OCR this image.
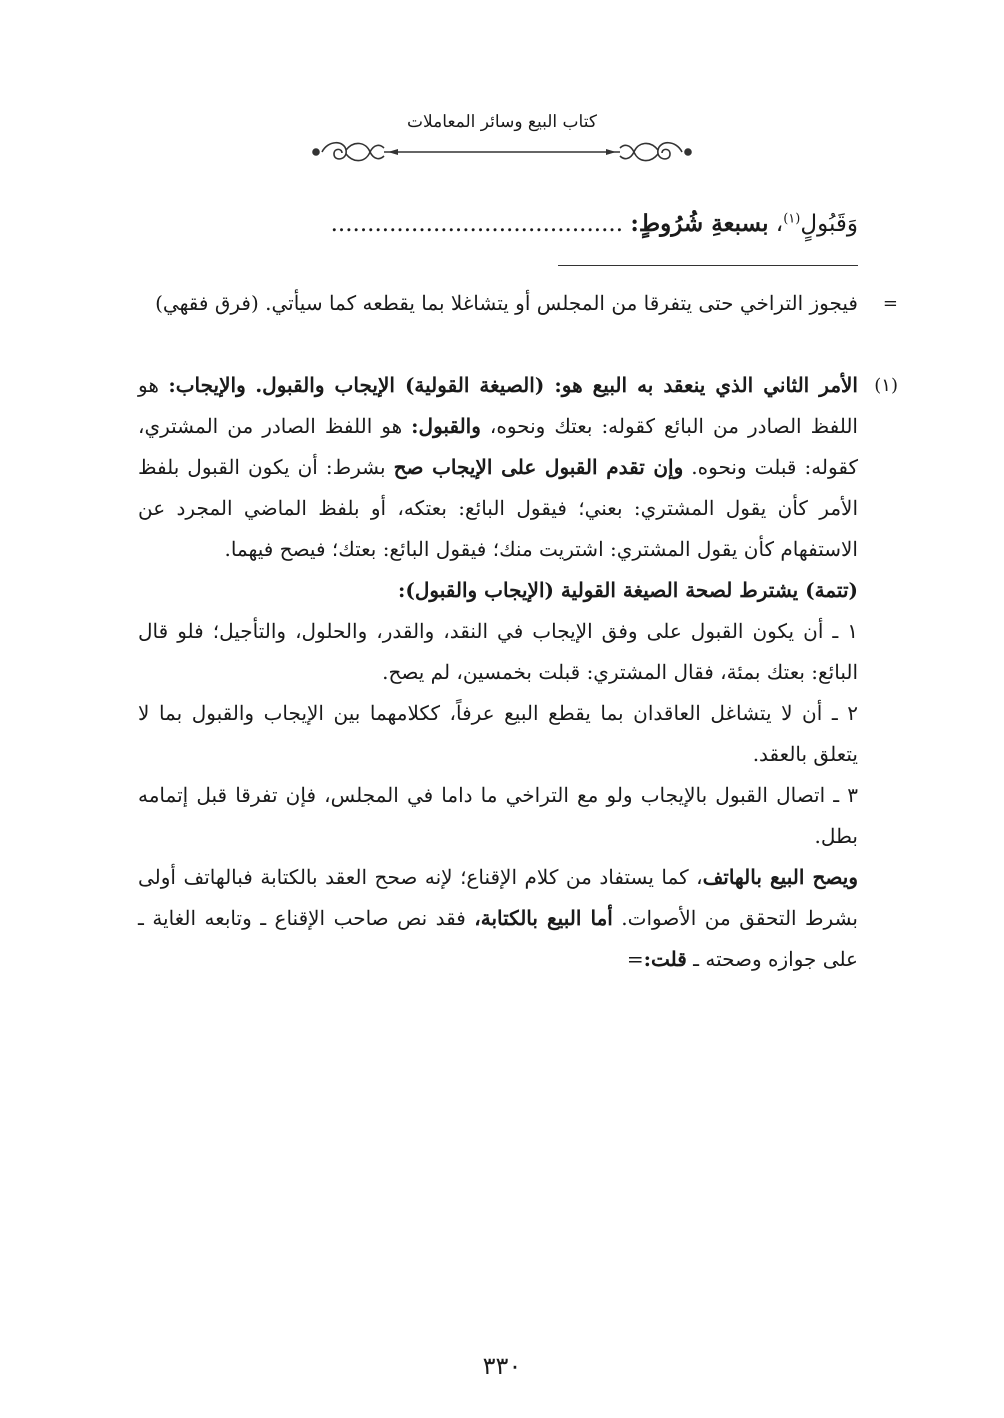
كتاب البيع وسائر المعاملات
وَقَبُولٍ$^{(١)}$، بسبعةِ شُرُوطٍ: ........................................
=
فيجوز التراخي حتى يتفرقا من المجلس أو يتشاغلا بما يقطعه كما سيأتي. (فرق فقهي)
(١)
الأمر الثاني الذي ينعقد به البيع هو: (الصيغة القولية) الإيجاب والقبول. والإيجاب: هو اللفظ الصادر من البائع كقوله: بعتك ونحوه، والقبول: هو اللفظ الصادر من المشتري، كقوله: قبلت ونحوه. وإن تقدم القبول على الإيجاب صح بشرط: أن يكون القبول بلفظ الأمر كأن يقول المشتري: بعني؛ فيقول البائع: بعتكه، أو بلفظ الماضي المجرد عن الاستفهام كأن يقول المشتري: اشتريت منك؛ فيقول البائع: بعتك؛ فيصح فيهما.
(تتمة) يشترط لصحة الصيغة القولية (الإيجاب والقبول):
١ ـ أن يكون القبول على وفق الإيجاب في النقد، والقدر، والحلول، والتأجيل؛ فلو قال البائع: بعتك بمئة، فقال المشتري: قبلت بخمسين، لم يصح.
٢ ـ أن لا يتشاغل العاقدان بما يقطع البيع عرفاً، ككلامهما بين الإيجاب والقبول بما لا يتعلق بالعقد.
٣ ـ اتصال القبول بالإيجاب ولو مع التراخي ما داما في المجلس، فإن تفرقا قبل إتمامه بطل.
ويصح البيع بالهاتف، كما يستفاد من كلام الإقناع؛ لإنه صحح العقد بالكتابة فبالهاتف أولى بشرط التحقق من الأصوات. أما البيع بالكتابة، فقد نص صاحب الإقناع ـ وتابعه الغاية ـ على جوازه وصحته ـ قلت:=
٣٣٠
